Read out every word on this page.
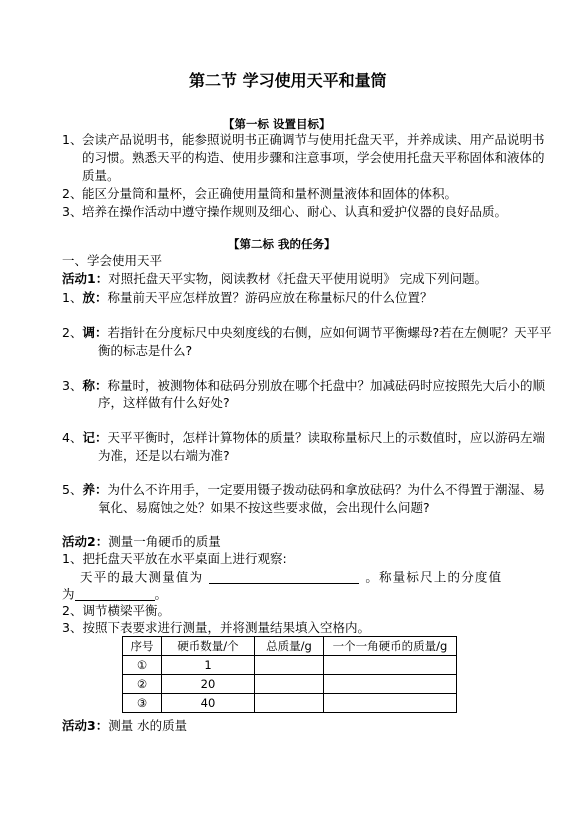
第二节 学习使用天平和量筒
【第一标 设置目标】
1、 会读产品说明书，能参照说明书正确调节与使用托盘天平，并养成读、用产品说明书
的习惯。熟悉天平的构造、使用步骤和注意事项，学会使用托盘天平称固体和液体的
质量。
2、 能区分量筒和量杯，会正确使用量筒和量杯测量液体和固体的体积。
3、 培养在操作活动中遵守操作规则及细心、耐心、认真和爱护仪器的良好品质。
【第二标 我的任务】
一、学会使用天平
活动1：对照托盘天平实物，阅读教材《托盘天平使用说明》 完成下列问题。
1、放：称量前天平应怎样放置？游码应放在称量标尺的什么位置？
2、调：若指针在分度标尺中央刻度线的右侧，应如何调节平衡螺母?若在左侧呢？天平平
衡的标志是什么?
3、称：称量时，被测物体和砝码分别放在哪个托盘中？加减砝码时应按照先大后小的顺
序，这样做有什么好处?
4、记：天平平衡时，怎样计算物体的质量？读取称量标尺上的示数值时，应以游码左端
为准，还是以右端为准?
5、养：为什么不许用手，一定要用镊子拨动砝码和拿放砝码？为什么不得置于潮湿、易
氧化、易腐蚀之处？如果不按这些要求做，会出现什么问题?
活动2：测量一角硬币的质量
1、把托盘天平放在水平桌面上进行观察:
天平的最大测量值为	。称量标尺上的分度值
为	。
2、调节横梁平衡。
3、按照下表要求进行测量，并将测量结果填入空格内。
序号	硬币数量/个	总质量/g	一个一角硬币的质量/g
①	1		
②	20		
③	40		
活动3：测量 水的质量
